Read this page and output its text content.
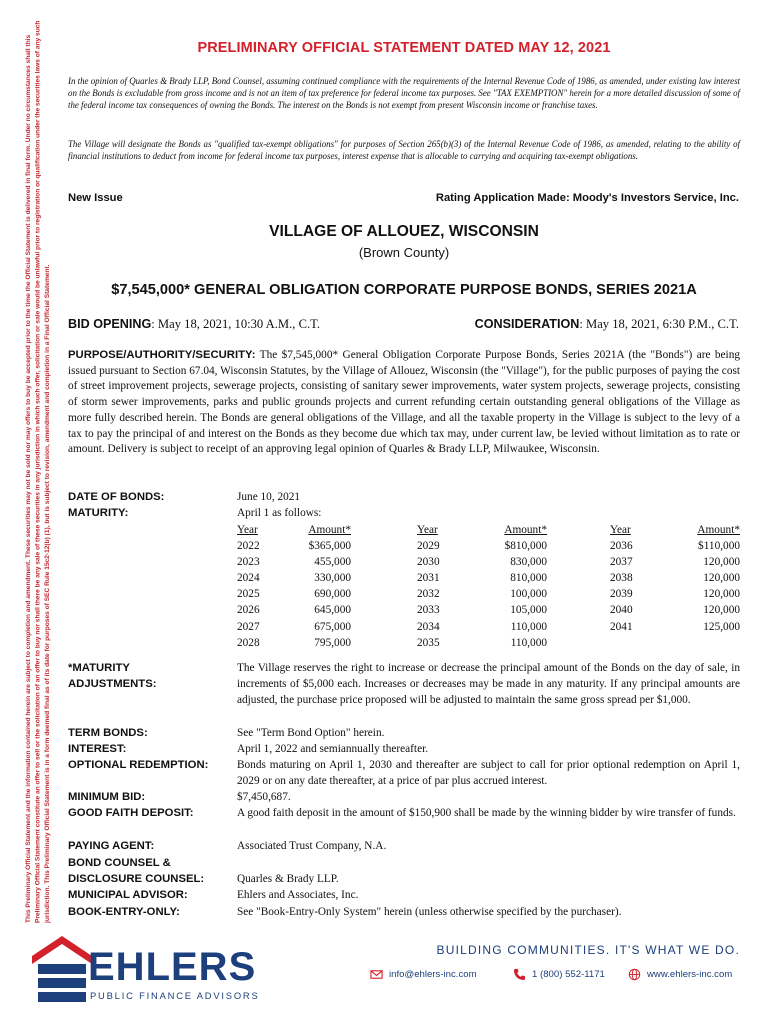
This Preliminary Official Statement and the information contained herein are subject to completion and amendment. These securities may not be sold nor may offers to buy be accepted prior to the time the Official Statement is delivered in final form. Under no circumstances shall this Preliminary Official Statement constitute an offer to sell or the solicitation of an offer to buy nor shall there be any sale of these securities in any jurisdiction in which such offer, solicitation or sale would be unlawful prior to registration or qualification under the securities laws of any such jurisdiction. This Preliminary Official Statement is in a form deemed final as of its date for purposes of SEC Rule 15c2-12(b) (1), but is subject to revision, amendment and completion in a Final Official Statement.
PRELIMINARY OFFICIAL STATEMENT DATED MAY 12, 2021
In the opinion of Quarles & Brady LLP, Bond Counsel, assuming continued compliance with the requirements of the Internal Revenue Code of 1986, as amended, under existing law interest on the Bonds is excludable from gross income and is not an item of tax preference for federal income tax purposes. See "TAX EXEMPTION" herein for a more detailed discussion of some of the federal income tax consequences of owning the Bonds. The interest on the Bonds is not exempt from present Wisconsin income or franchise taxes.
The Village will designate the Bonds as "qualified tax-exempt obligations" for purposes of Section 265(b)(3) of the Internal Revenue Code of 1986, as amended, relating to the ability of financial institutions to deduct from income for federal income tax purposes, interest expense that is allocable to carrying and acquiring tax-exempt obligations.
New Issue	Rating Application Made: Moody's Investors Service, Inc.
VILLAGE OF ALLOUEZ, WISCONSIN
(Brown County)
$7,545,000* GENERAL OBLIGATION CORPORATE PURPOSE BONDS, SERIES 2021A
BID OPENING: May 18, 2021, 10:30 A.M., C.T.	CONSIDERATION: May 18, 2021, 6:30 P.M., C.T.
PURPOSE/AUTHORITY/SECURITY: The $7,545,000* General Obligation Corporate Purpose Bonds, Series 2021A (the "Bonds") are being issued pursuant to Section 67.04, Wisconsin Statutes, by the Village of Allouez, Wisconsin (the "Village"), for the public purposes of paying the cost of street improvement projects, sewerage projects, consisting of sanitary sewer improvements, water system projects, sewerage projects, consisting of storm sewer improvements, parks and public grounds projects and current refunding certain outstanding general obligations of the Village as more fully described herein. The Bonds are general obligations of the Village, and all the taxable property in the Village is subject to the levy of a tax to pay the principal of and interest on the Bonds as they become due which tax may, under current law, be levied without limitation as to rate or amount. Delivery is subject to receipt of an approving legal opinion of Quarles & Brady LLP, Milwaukee, Wisconsin.
DATE OF BONDS:	June 10, 2021
MATURITY:	April 1 as follows:
Year	Amount*
2022	$365,000
2023	455,000
2024	330,000
2025	690,000
2026	645,000
2027	675,000
2028	795,000
Year	Amount*
2029	$810,000
2030	830,000
2031	810,000
2032	100,000
2033	105,000
2034	110,000
2035	110,000
Year	Amount*
2036	$110,000
2037	120,000
2038	120,000
2039	120,000
2040	120,000
2041	125,000
*MATURITY
ADJUSTMENTS:
The Village reserves the right to increase or decrease the principal amount of the Bonds on the day of sale, in increments of $5,000 each. Increases or decreases may be made in any maturity. If any principal amounts are adjusted, the purchase price proposed will be adjusted to maintain the same gross spread per $1,000.
TERM BONDS:	See "Term Bond Option" herein.
INTEREST:	April 1, 2022 and semiannually thereafter.
OPTIONAL REDEMPTION:	Bonds maturing on April 1, 2030 and thereafter are subject to call for prior optional redemption on April 1, 2029 or on any date thereafter, at a price of par plus accrued interest.
MINIMUM BID:	$7,450,687.
GOOD FAITH DEPOSIT:	A good faith deposit in the amount of $150,900 shall be made by the winning bidder by wire transfer of funds.
PAYING AGENT:	Associated Trust Company, N.A.
BOND COUNSEL &
DISCLOSURE COUNSEL:	Quarles & Brady LLP.
MUNICIPAL ADVISOR:	Ehlers and Associates, Inc.
BOOK-ENTRY-ONLY:	See "Book-Entry-Only System" herein (unless otherwise specified by the purchaser).
EHLERS
PUBLIC FINANCE ADVISORS
BUILDING COMMUNITIES. IT'S WHAT WE DO.
info@ehlers-inc.com	1 (800) 552-1171	www.ehlers-inc.com
